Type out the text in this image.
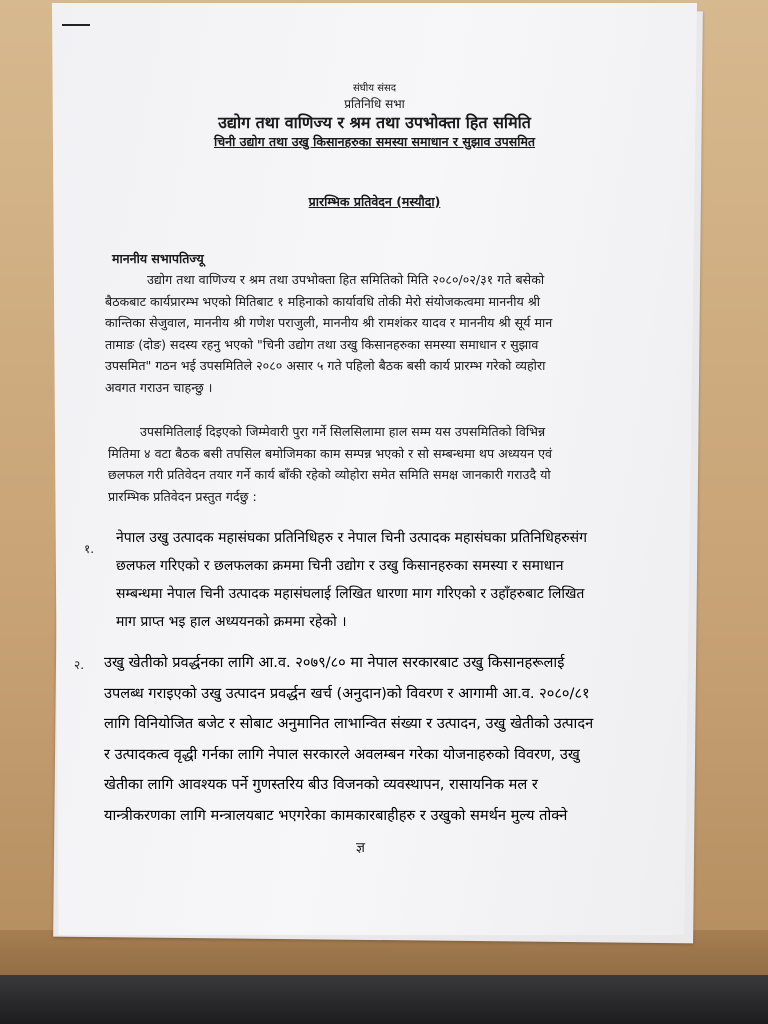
संघीय संसद
प्रतिनिधि सभा
उद्योग तथा वाणिज्य र श्रम तथा उपभोक्ता हित समिति
चिनी उद्योग तथा उखु किसानहरुका समस्या समाधान र सुझाव उपसमित
प्रारम्भिक प्रतिवेदन (मस्यौदा)
माननीय सभापतिज्यू
उद्योग तथा वाणिज्य र श्रम तथा उपभोक्ता हित समितिको मिति २०८०/०२/३१ गते बसेको
बैठकबाट कार्यप्रारम्भ भएको मितिबाट १ महिनाको कार्यावधि तोकी मेरो संयोजकत्वमा माननीय श्री
कान्तिका सेजुवाल, माननीय श्री गणेश पराजुली, माननीय श्री रामशंकर यादव र माननीय श्री सूर्य मान
तामाङ (दोङ) सदस्य रहनु भएको "चिनी उद्योग तथा उखु किसानहरुका समस्या समाधान र सुझाव
उपसमित" गठन भई उपसमितिले २०८० असार ५ गते पहिलो बैठक बसी कार्य प्रारम्भ गरेको व्यहोरा
अवगत गराउन चाहन्छु ।
उपसमितिलाई दिइएको जिम्मेवारी पुरा गर्ने सिलसिलामा हाल सम्म यस उपसमितिको विभिन्न
मितिमा ४ वटा बैठक बसी तपसिल बमोजिमका काम सम्पन्न भएको र सो सम्बन्धमा थप अध्ययन एवं
छलफल गरी प्रतिवेदन तयार गर्ने कार्य बाँकी रहेको व्योहोरा समेत समिति समक्ष जानकारी गराउदै यो
प्रारम्भिक प्रतिवेदन प्रस्तुत गर्दछु :
१.
नेपाल उखु उत्पादक महासंघका प्रतिनिधिहरु र नेपाल चिनी उत्पादक महासंघका प्रतिनिधिहरुसंग
छलफल गरिएको र छलफलका क्रममा चिनी उद्योग र उखु किसानहरुका समस्या र समाधान
सम्बन्धमा नेपाल चिनी उत्पादक महासंघलाई लिखित धारणा माग गरिएको र उहाँहरुबाट लिखित
माग प्राप्त भइ हाल अध्ययनको क्रममा रहेको ।
२. उखु खेतीको प्रवर्द्धनका लागि आ.व. २०७९/८० मा नेपाल सरकारबाट उखु किसानहरूलाई
उपलब्ध गराइएको उखु उत्पादन प्रवर्द्धन खर्च (अनुदान)को विवरण र आगामी आ.व. २०८०/८१
लागि विनियोजित बजेट र सोबाट अनुमानित लाभान्वित संख्या र उत्पादन, उखु खेतीको उत्पादन
र उत्पादकत्व वृद्धी गर्नका लागि नेपाल सरकारले अवलम्बन गरेका योजनाहरुको विवरण, उखु
खेतीका लागि आवश्यक पर्ने गुणस्तरिय बीउ विजनको व्यवस्थापन, रासायनिक मल र
यान्त्रीकरणका लागि मन्त्रालयबाट भएगरेका कामकारबाहीहरु र उखुको समर्थन मुल्य तोक्ने
ज्ञ
